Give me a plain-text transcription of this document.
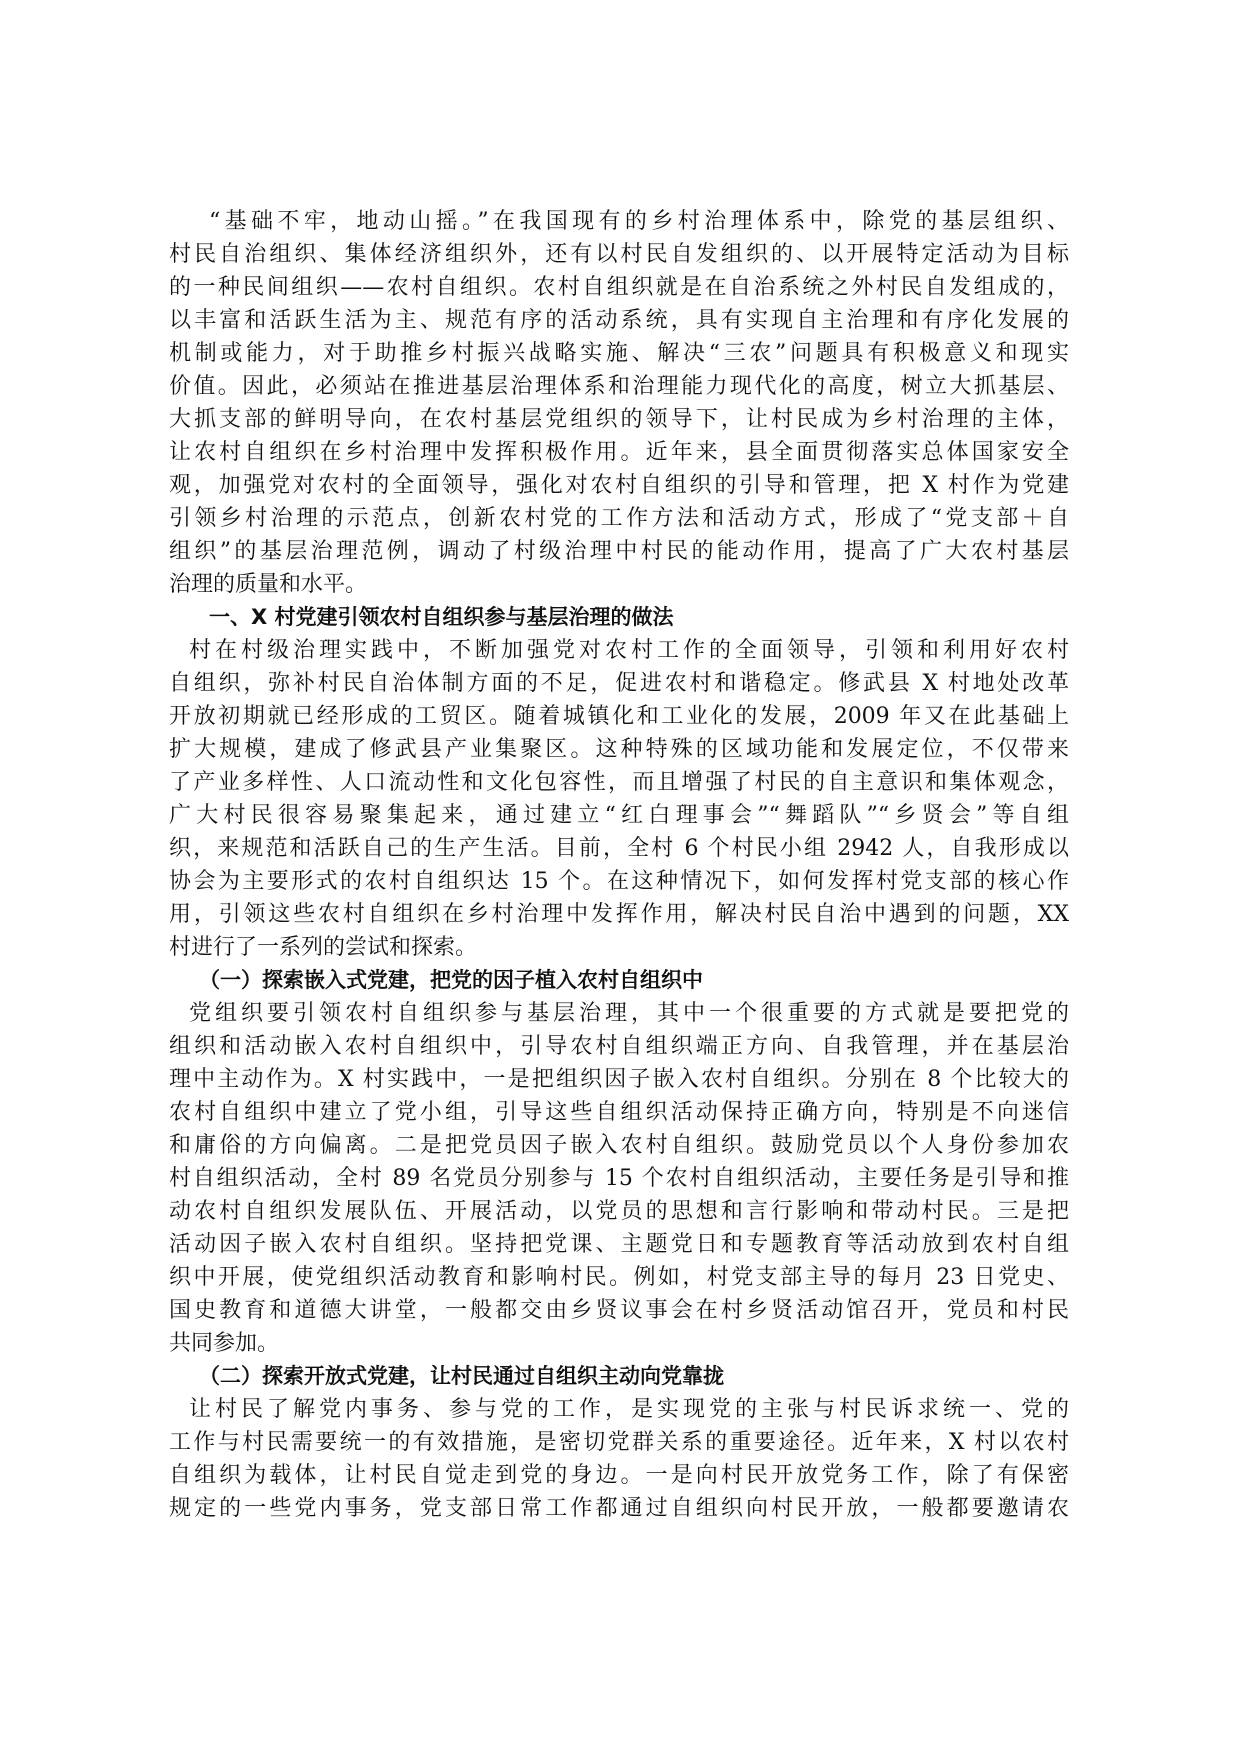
“基础不牢，地动山摇。”在我国现有的乡村治理体系中，除党的基层组织、
村民自治组织、集体经济组织外，还有以村民自发组织的、以开展特定活动为目标
的一种民间组织——农村自组织。农村自组织就是在自治系统之外村民自发组成的，
以丰富和活跃生活为主、规范有序的活动系统，具有实现自主治理和有序化发展的
机制或能力，对于助推乡村振兴战略实施、解决“三农”问题具有积极意义和现实
价值。因此，必须站在推进基层治理体系和治理能力现代化的高度，树立大抓基层、
大抓支部的鲜明导向，在农村基层党组织的领导下，让村民成为乡村治理的主体，
让农村自组织在乡村治理中发挥积极作用。近年来，县全面贯彻落实总体国家安全
观，加强党对农村的全面领导，强化对农村自组织的引导和管理，把 X 村作为党建
引领乡村治理的示范点，创新农村党的工作方法和活动方式，形成了“党支部＋自
组织”的基层治理范例，调动了村级治理中村民的能动作用，提高了广大农村基层
治理的质量和水平。
一、X 村党建引领农村自组织参与基层治理的做法
村在村级治理实践中，不断加强党对农村工作的全面领导，引领和利用好农村
自组织，弥补村民自治体制方面的不足，促进农村和谐稳定。修武县 X 村地处改革
开放初期就已经形成的工贸区。随着城镇化和工业化的发展，2009 年又在此基础上
扩大规模，建成了修武县产业集聚区。这种特殊的区域功能和发展定位，不仅带来
了产业多样性、人口流动性和文化包容性，而且增强了村民的自主意识和集体观念，
广大村民很容易聚集起来，通过建立“红白理事会”“舞蹈队”“乡贤会”等自组
织，来规范和活跃自己的生产生活。目前，全村 6 个村民小组 2942 人，自我形成以
协会为主要形式的农村自组织达 15 个。在这种情况下，如何发挥村党支部的核心作
用，引领这些农村自组织在乡村治理中发挥作用，解决村民自治中遇到的问题，XX
村进行了一系列的尝试和探索。
（一）探索嵌入式党建，把党的因子植入农村自组织中
党组织要引领农村自组织参与基层治理，其中一个很重要的方式就是要把党的
组织和活动嵌入农村自组织中，引导农村自组织端正方向、自我管理，并在基层治
理中主动作为。X 村实践中，一是把组织因子嵌入农村自组织。分别在 8 个比较大的
农村自组织中建立了党小组，引导这些自组织活动保持正确方向，特别是不向迷信
和庸俗的方向偏离。二是把党员因子嵌入农村自组织。鼓励党员以个人身份参加农
村自组织活动，全村 89 名党员分别参与 15 个农村自组织活动，主要任务是引导和推
动农村自组织发展队伍、开展活动，以党员的思想和言行影响和带动村民。三是把
活动因子嵌入农村自组织。坚持把党课、主题党日和专题教育等活动放到农村自组
织中开展，使党组织活动教育和影响村民。例如，村党支部主导的每月 23 日党史、
国史教育和道德大讲堂，一般都交由乡贤议事会在村乡贤活动馆召开，党员和村民
共同参加。
（二）探索开放式党建，让村民通过自组织主动向党靠拢
让村民了解党内事务、参与党的工作，是实现党的主张与村民诉求统一、党的
工作与村民需要统一的有效措施，是密切党群关系的重要途径。近年来，X 村以农村
自组织为载体，让村民自觉走到党的身边。一是向村民开放党务工作，除了有保密
规定的一些党内事务，党支部日常工作都通过自组织向村民开放，一般都要邀请农
